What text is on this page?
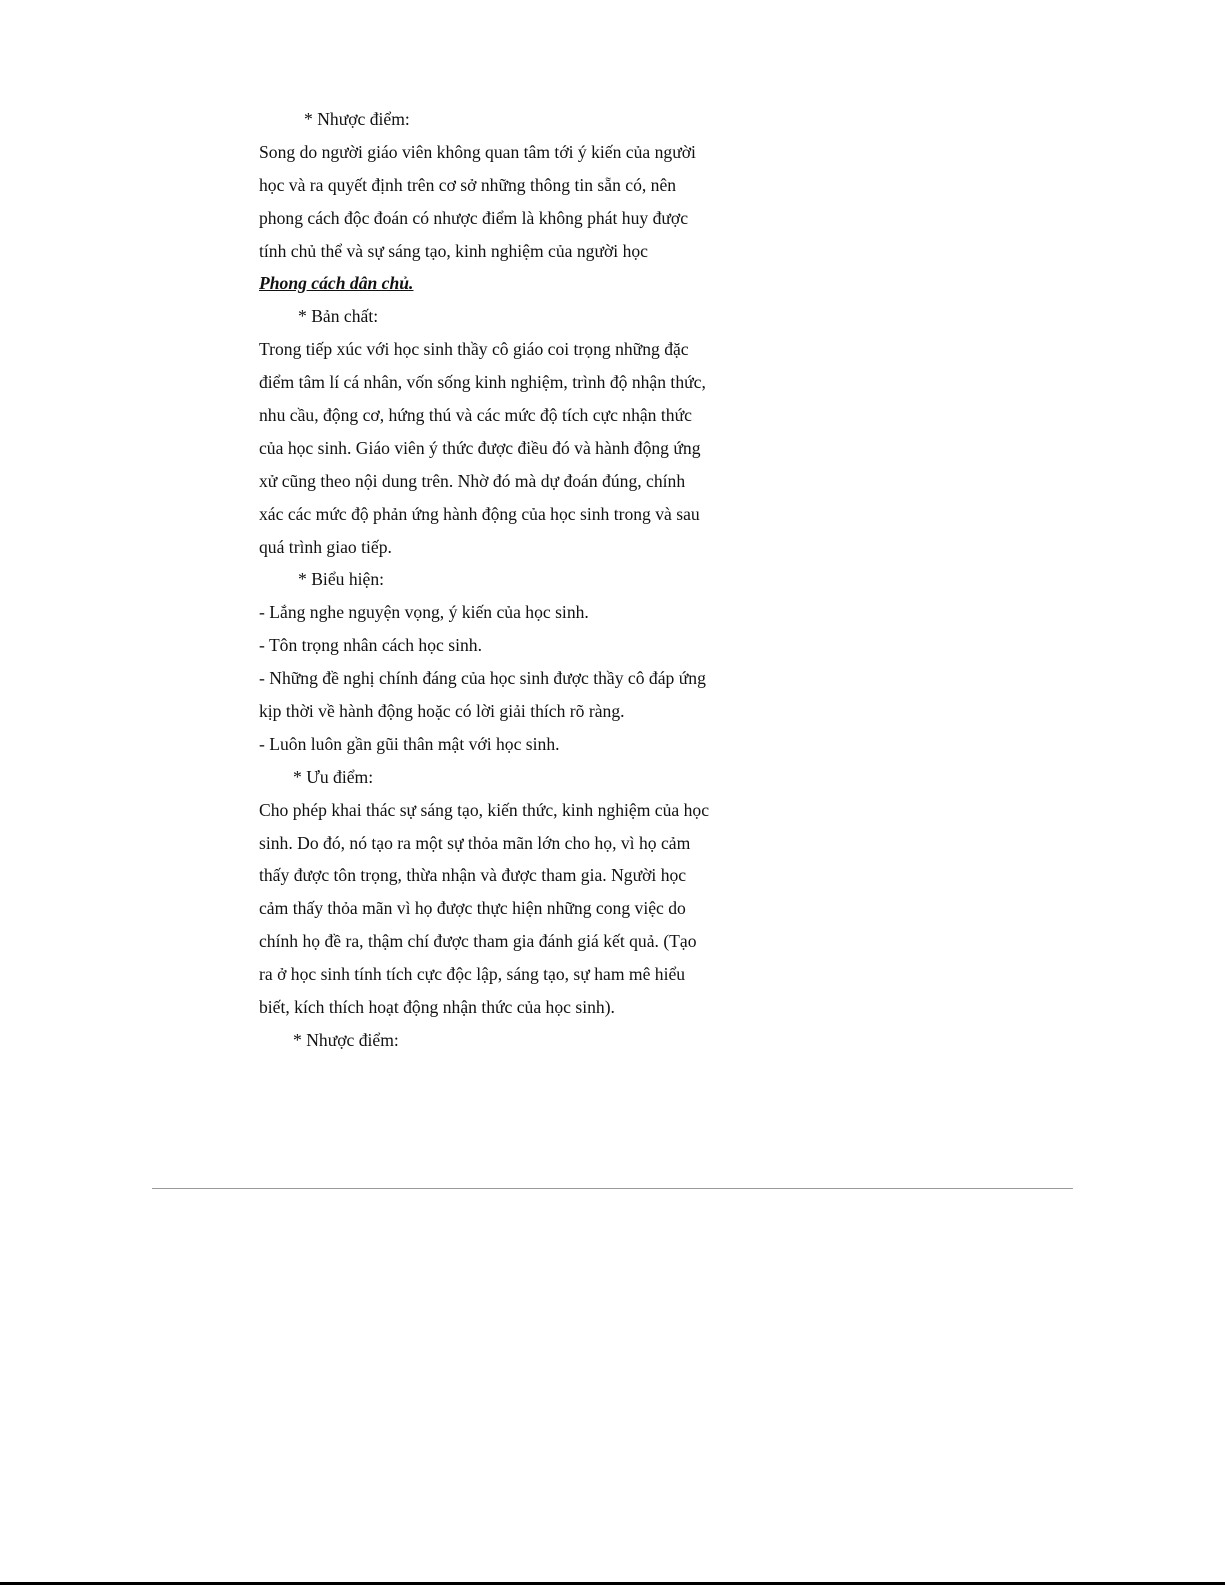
* Nhược điểm:
Song do người giáo viên không quan tâm tới ý kiến của người
học và ra quyết định trên cơ sở những thông tin sẵn có, nên
phong cách độc đoán có nhược điểm là không phát huy được
tính chủ thể và sự sáng tạo, kinh nghiệm của người học
Phong cách dân chủ.
* Bản chất:
Trong tiếp xúc với học sinh thầy cô giáo coi trọng những đặc
điểm tâm lí cá nhân, vốn sống kinh nghiệm, trình độ nhận thức,
nhu cầu, động cơ, hứng thú và các mức độ tích cực nhận thức
của học sinh. Giáo viên ý thức được điều đó và hành động ứng
xử cũng theo nội dung trên. Nhờ đó mà dự đoán đúng, chính
xác các mức độ phản ứng hành động của học sinh trong và sau
quá trình giao tiếp.
* Biểu hiện:
- Lắng nghe nguyện vọng, ý kiến của học sinh.
- Tôn trọng nhân cách học sinh.
- Những đề nghị chính đáng của học sinh được thầy cô đáp ứng
kịp thời về hành động hoặc có lời giải thích rõ ràng.
- Luôn luôn gần gũi thân mật với học sinh.
* Ưu điểm:
Cho phép khai thác sự sáng tạo, kiến thức, kinh nghiệm của học
sinh. Do đó, nó tạo ra một sự thỏa mãn lớn cho họ, vì họ cảm
thấy được tôn trọng, thừa nhận và được tham gia. Người học
cảm thấy thỏa mãn vì họ được thực hiện những cong việc do
chính họ đề ra, thậm chí được tham gia đánh giá kết quả. (Tạo
ra ở học sinh tính tích cực độc lập, sáng tạo, sự ham mê hiểu
biết, kích thích hoạt động nhận thức của học sinh).
* Nhược điểm:
